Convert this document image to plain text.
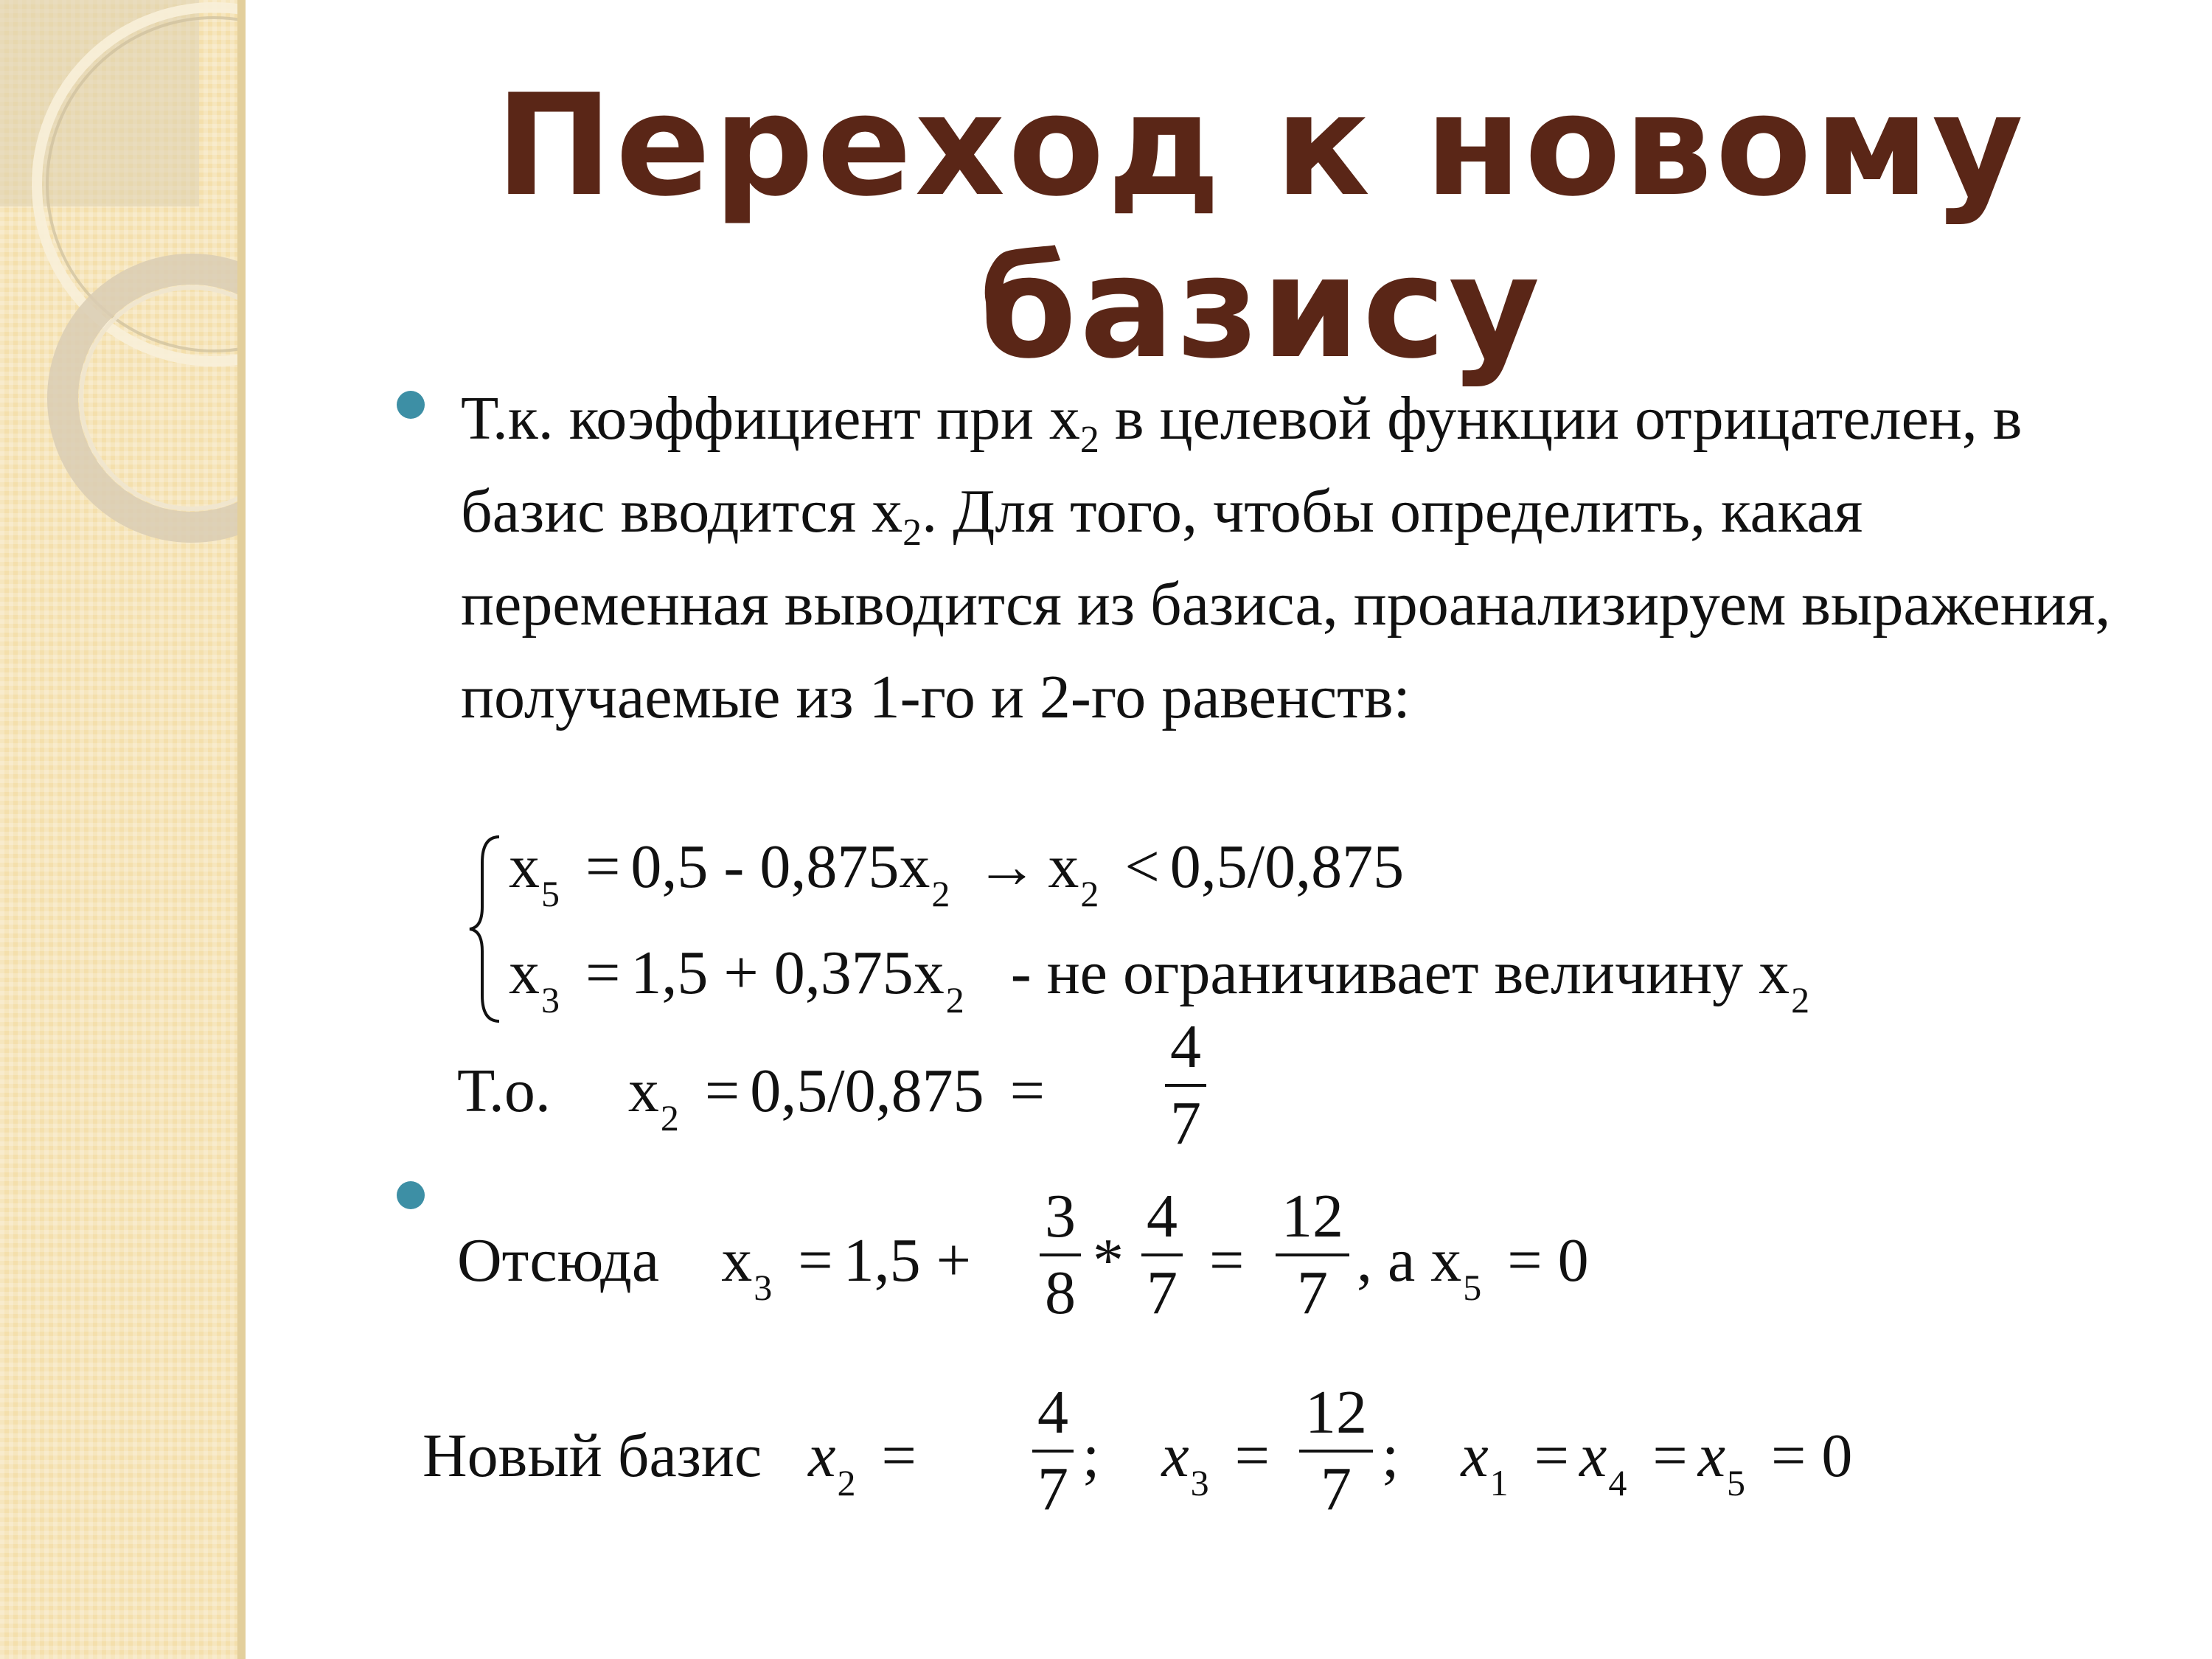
Переход к новому базису

Т.к. коэффициент при $x_2$ в целевой функции отрицателен, в базис вводится $x_2$. Для того, чтобы определить, какая переменная выводится из базиса, проанализируем выражения, получаемые из 1-го и 2-го равенств:

$x_5 = 0,5 - 0,875x_2 \to x_2 < 0,5/0,875$
$x_3 = 1,5 + 0,375x_2$ - не ограничивает величину $x_2$
Т.о. $x_2 = 0,5/0,875$ =
4
7
Отсюда $x_3 = 1,5$ +
3
8 *
4
7 =
12
7 , а $x_5 = 0$
Новый базис $x_2$ =
4
7 ; $x_3$ =
12
7 ; $x_1 = x_4 = x_5 = 0$
